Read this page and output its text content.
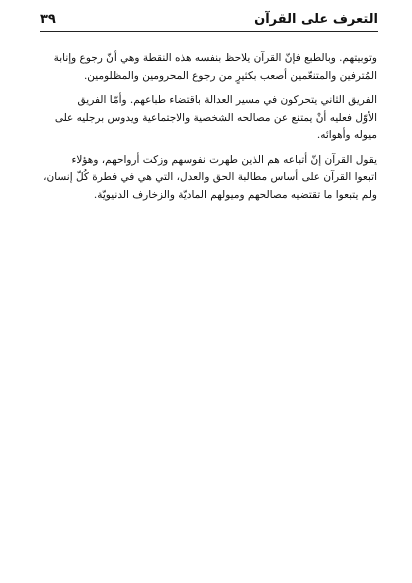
التعرف على القرآن
٣٩

وتوبيتهم. وبالطبع فإنّ القرآن يلاحظ بنفسه هذه النقطة وهي أنّ رجوع وإنابة
المُترفين والمتنعّمين أصعب بكثيرٍ من رجوع المحرومين والمظلومين.

الفريق الثاني يتحركون في مسير العدالة باقتضاء طباعهم. وأمّا الفريق
الأوّل فعليه أنْ يمتنع عن مصالحه الشخصية والاجتماعية ويدوس برجليه على
ميوله وأهوائه.

يقول القرآن إنّ أتباعه هم الذين طهرت نفوسهم وزكت أرواحهم، وهؤلاء
اتبعوا القرآن على أساس مطالبة الحق والعدل، التي هي في فطرة كُلّ إنسان،
ولم يتبعوا ما تقتضيه مصالحهم وميولهم الماديّة والزخارف الدنيويّة.
